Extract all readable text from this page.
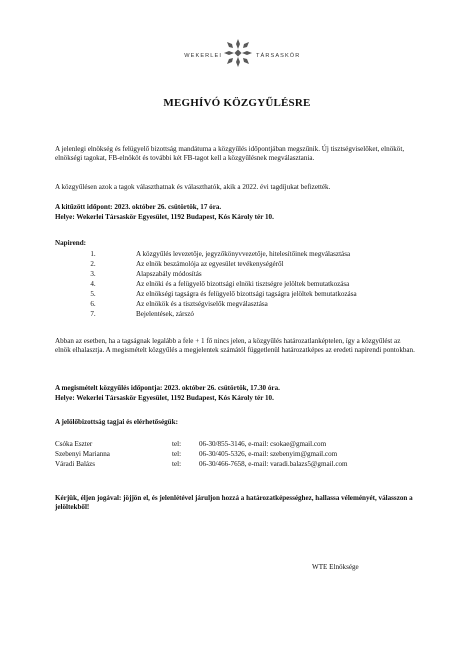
WEKERLEI	TÁRSASKÖR
MEGHÍVÓ KÖZGYŰLÉSRE
A jelenlegi elnökség és felügyelő bizottság mandátuma a közgyűlés időpontjában megszűnik. Új tisztségviselőket, elnököt, elnökségi tagokat, FB-elnököt és további két FB-tagot kell a közgyűlésnek megválasztania.
A közgyűlésen azok a tagok választhatnak és választhatók, akik a 2022. évi tagdíjukat befizették.
A kitűzött időpont: 2023. október 26. csütörtök, 17 óra.
Helye: Wekerlei Társaskör Egyesület, 1192 Budapest, Kós Károly tér 10.
Napirend:
1.	A közgyűlés levezetője, jegyzőkönyvvezetője, hitelesítőinek megválasztása
2.	Az elnök beszámolója az egyesület tevékenységéről
3.	Alapszabály módosítás
4.	Az elnöki és a felügyelő bizottsági elnöki tisztségre jelöltek bemutatkozása
5.	Az elnökségi tagságra és felügyelő bizottsági tagságra jelöltek bemutatkozása
6.	Az elnökök és a tisztségviselők megválasztása
7.	Bejelentések, zárszó
Abban az esetben, ha a tagságnak legalább a fele + 1 fő nincs jelen, a közgyűlés határozatlanképtelen, így a közgyűlést az elnök elhalasztja. A megismételt közgyűlés a megjelentek számától függetlenül határozatképes az eredeti napirendi pontokban.
A megismételt közgyűlés időpontja: 2023. október 26. csütörtök, 17.30 óra.
Helye: Wekerlei Társaskör Egyesület, 1192 Budapest, Kós Károly tér 10.
A jelölőbizottság tagjai és elérhetőségük:
Csóka Eszter	tel:	06-30/855-3146, e-mail: csokae@gmail.com
Szebenyi Marianna	tel:	06-30/405-5326, e-mail: szebenyim@gmail.com
Váradi Balázs	tel:	06-30/466-7658, e-mail: varadi.balazs5@gmail.com
Kérjük, éljen jogával: jöjjön el, és jelenlétével járuljon hozzá a határozatképességhez, hallassa véleményét, válasszon a jelöltekből!
WTE Elnöksége
